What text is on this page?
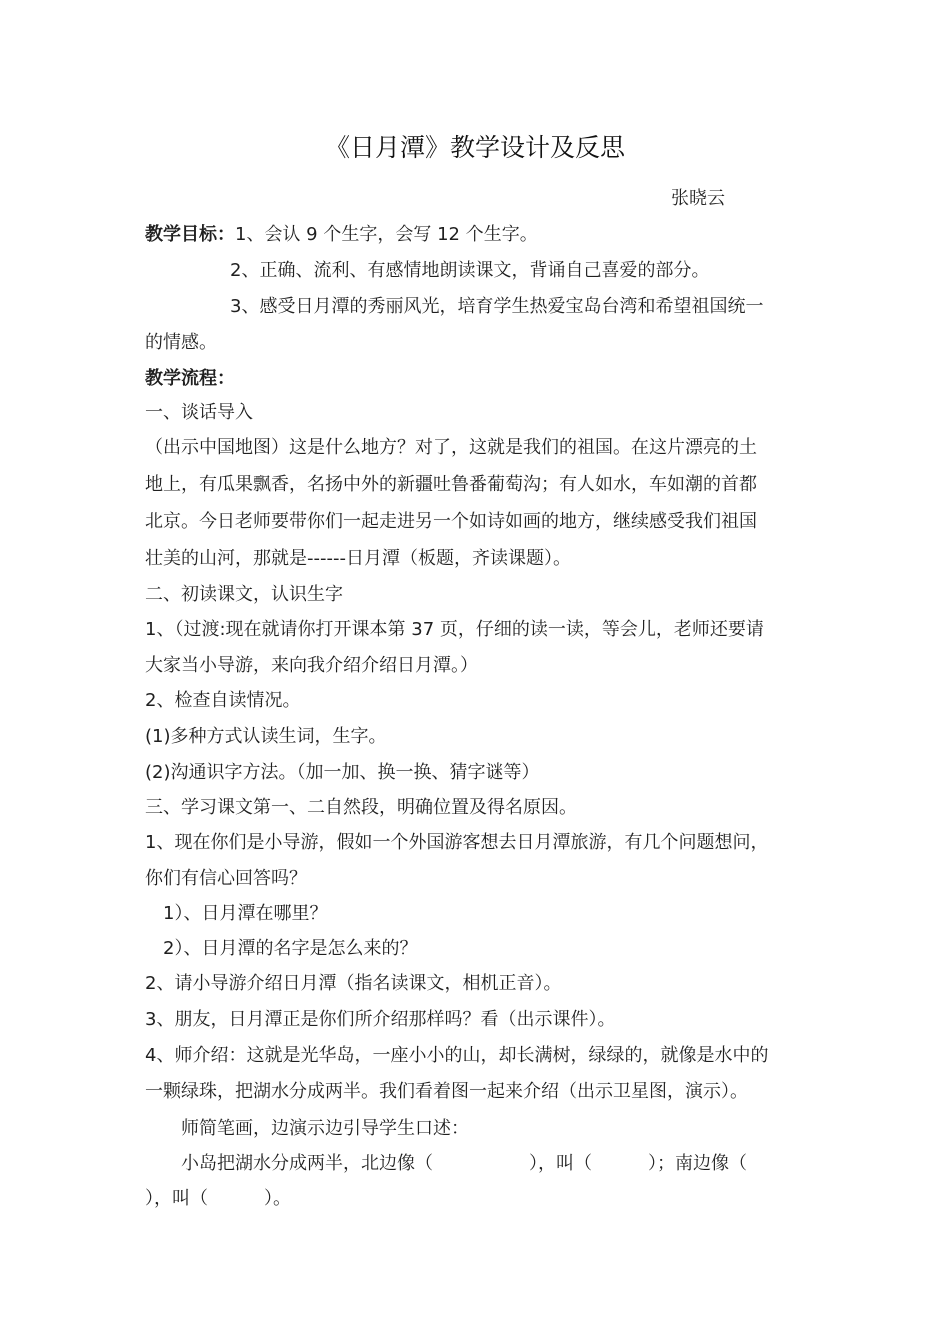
《日月潭》教学设计及反思
张晓云
教学目标：1、会认 9 个生字，会写 12 个生字。
2、正确、流利、有感情地朗读课文，背诵自己喜爱的部分。
3、感受日月潭的秀丽风光，培育学生热爱宝岛台湾和希望祖国统一
的情感。
教学流程：
一、谈话导入
（出示中国地图）这是什么地方？对了，这就是我们的祖国。在这片漂亮的土
地上，有瓜果飘香，名扬中外的新疆吐鲁番葡萄沟；有人如水，车如潮的首都
北京。今日老师要带你们一起走进另一个如诗如画的地方，继续感受我们祖国
壮美的山河，那就是------日月潭（板题，齐读课题）。
二、初读课文，认识生字
1、（过渡:现在就请你打开课本第 37 页，仔细的读一读，等会儿，老师还要请
大家当小导游，来向我介绍介绍日月潭。）
2、检查自读情况。
(1)多种方式认读生词，生字。
(2)沟通识字方法。（加一加、换一换、猜字谜等）
三、学习课文第一、二自然段，明确位置及得名原因。
1、现在你们是小导游，假如一个外国游客想去日月潭旅游，有几个问题想问，
你们有信心回答吗？
1）、日月潭在哪里？
2）、日月潭的名字是怎么来的？
2、请小导游介绍日月潭（指名读课文，相机正音）。
3、朋友，日月潭正是你们所介绍那样吗？看（出示课件）。
4、师介绍：这就是光华岛，一座小小的山，却长满树，绿绿的，就像是水中的
一颗绿珠，把湖水分成两半。我们看着图一起来介绍（出示卫星图，演示）。
师简笔画，边演示边引导学生口述：
小岛把湖水分成两半，北边像（	），叫（	）；南边像（
），叫（	）。
